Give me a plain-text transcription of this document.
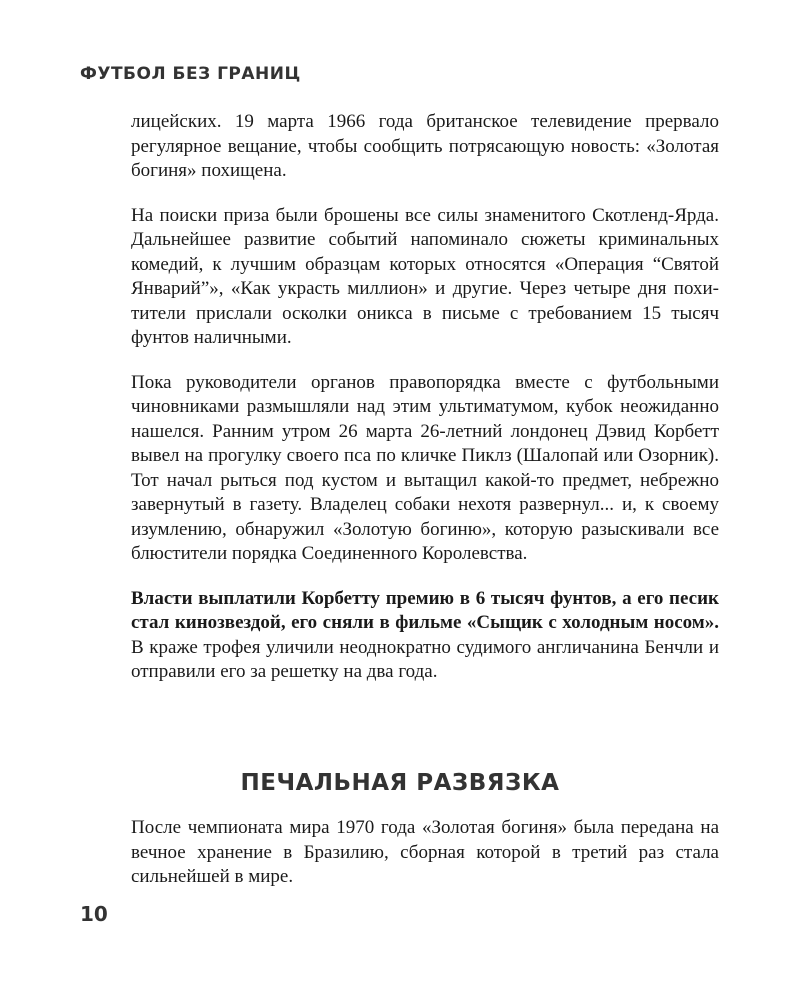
ФУТБОЛ БЕЗ ГРАНИЦ

лицейских. 19 марта 1966 года британское телевидение прервало регулярное вещание, чтобы сообщить потрясающую новость: «Золотая богиня» похищена.

На поиски приза были брошены все силы знаменитого Скотленд-Ярда. Дальнейшее развитие событий напоминало сюжеты криминальных комедий, к лучшим образцам которых относятся «Операция “Святой Январий”», «Как украсть миллион» и другие. Через четыре дня похитители прислали осколки оникса в письме с требованием 15 тысяч фунтов наличными.

Пока руководители органов правопорядка вместе с футбольными чиновниками размышляли над этим ультиматумом, кубок неожиданно нашелся. Ранним утром 26 марта 26-летний лондонец Дэвид Корбетт вывел на прогулку своего пса по кличке Пиклз (Шалопай или Озорник). Тот начал рыться под кустом и вытащил какой-то предмет, небрежно завернутый в газету. Владелец собаки нехотя развернул... и, к своему изумлению, обнаружил «Золотую богиню», которую разыскивали все блюстители порядка Соединенного Королевства.

Власти выплатили Корбетту премию в 6 тысяч фунтов, а его песик стал кинозвездой, его сняли в фильме «Сыщик с холодным носом». В краже трофея уличили неоднократно судимого англичанина Бенчли и отправили его за решетку на два года.

ПЕЧАЛЬНАЯ РАЗВЯЗКА

После чемпионата мира 1970 года «Золотая богиня» была передана на вечное хранение в Бразилию, сборная которой в третий раз стала сильнейшей в мире.

10
